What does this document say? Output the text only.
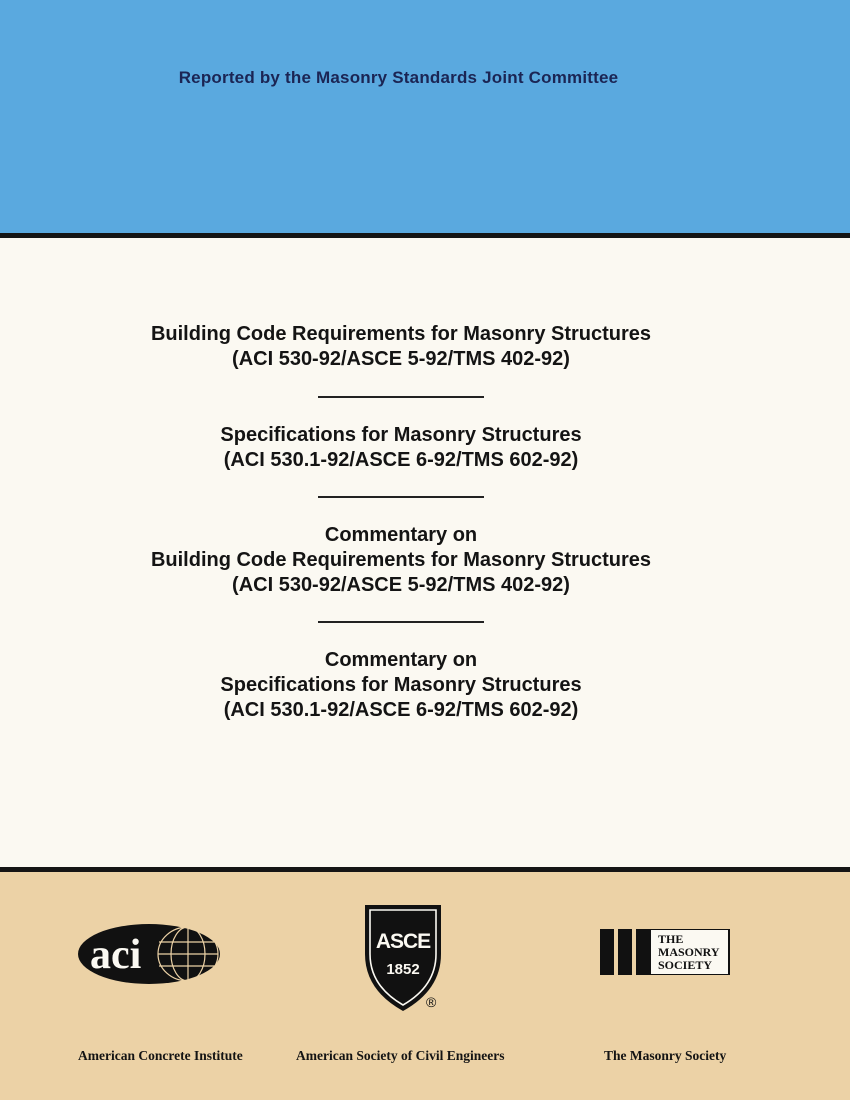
Reported by the Masonry Standards Joint Committee
Building Code Requirements for Masonry Structures
(ACI 530-92/ASCE 5-92/TMS 402-92)
Specifications for Masonry Structures
(ACI 530.1-92/ASCE 6-92/TMS 602-92)
Commentary on
Building Code Requirements for Masonry Structures
(ACI 530-92/ASCE 5-92/TMS 402-92)
Commentary on
Specifications for Masonry Structures
(ACI 530.1-92/ASCE 6-92/TMS 602-92)
aci	ASCE
1852
®
THE
MASONRY
SOCIETY
American Concrete Institute	American Society of Civil Engineers	The Masonry Society
